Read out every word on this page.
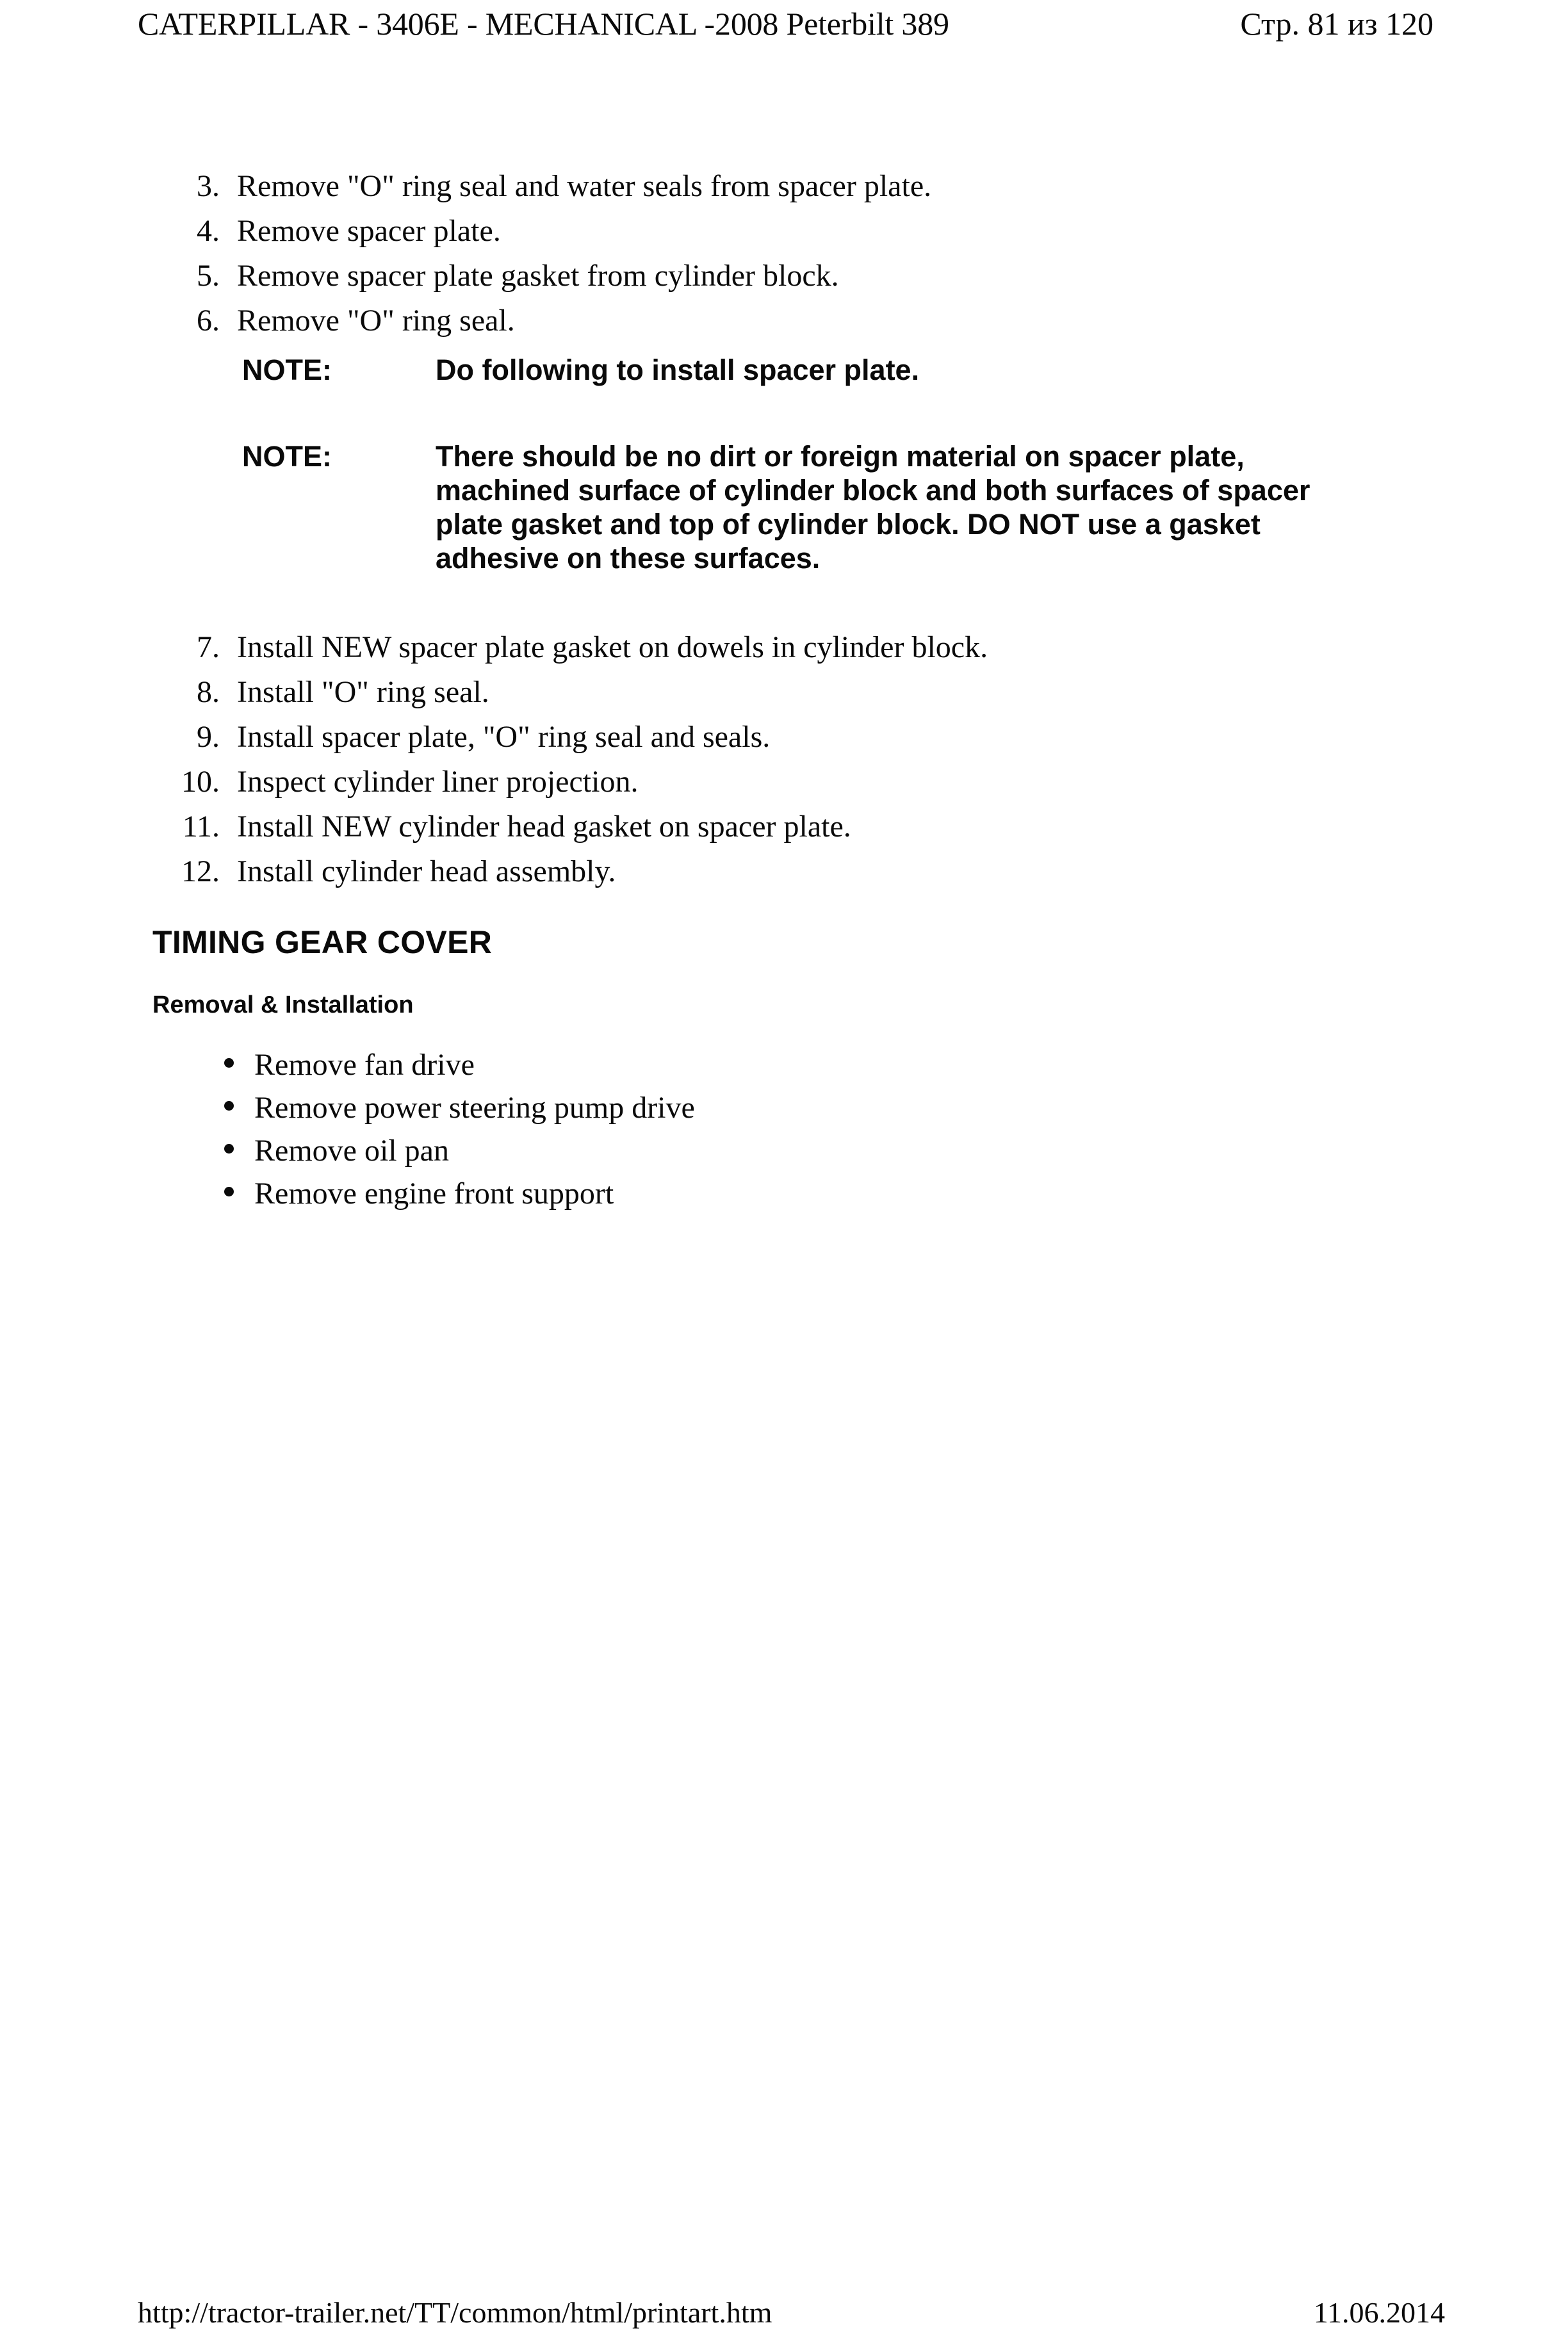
CATERPILLAR - 3406E - MECHANICAL -2008 Peterbilt 389	Стр. 81 из 120
3. Remove "O" ring seal and water seals from spacer plate.
4. Remove spacer plate.
5. Remove spacer plate gasket from cylinder block.
6. Remove "O" ring seal.
NOTE:	Do following to install spacer plate.
NOTE:	There should be no dirt or foreign material on spacer plate,
machined surface of cylinder block and both surfaces of spacer
plate gasket and top of cylinder block. DO NOT use a gasket
adhesive on these surfaces.
7. Install NEW spacer plate gasket on dowels in cylinder block.
8. Install "O" ring seal.
9. Install spacer plate, "O" ring seal and seals.
10. Inspect cylinder liner projection.
11. Install NEW cylinder head gasket on spacer plate.
12. Install cylinder head assembly.
TIMING GEAR COVER
Removal & Installation
Remove fan drive
Remove power steering pump drive
Remove oil pan
Remove engine front support
http://tractor-trailer.net/TT/common/html/printart.htm	11.06.2014
